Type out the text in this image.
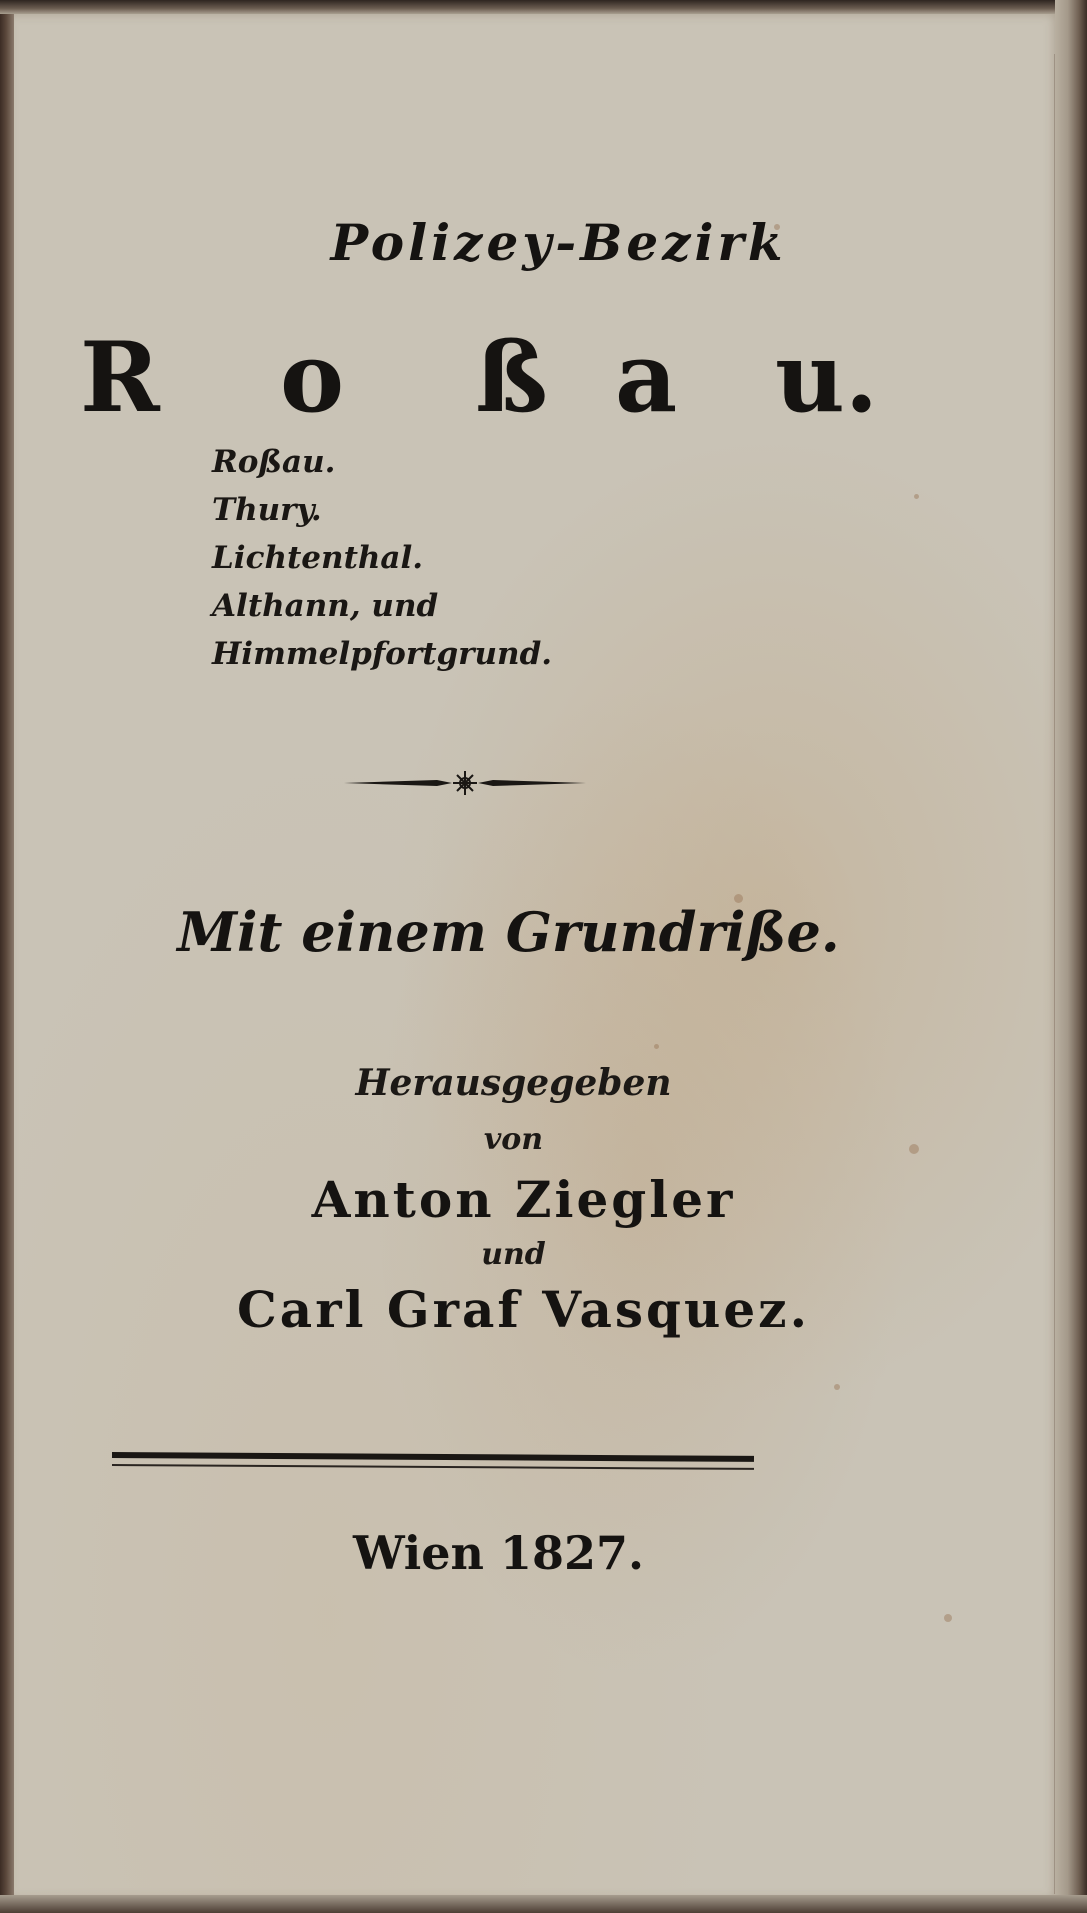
Polizey-Bezirk
R	o	ß a	u.
Roßau.
Thury.
Lichtenthal.
Althann, und
Himmelpfortgrund.
Mit einem Grundriße.

Herausgegeben

von

Anton Ziegler

und

Carl Graf Vasquez.

Wien 1827.
